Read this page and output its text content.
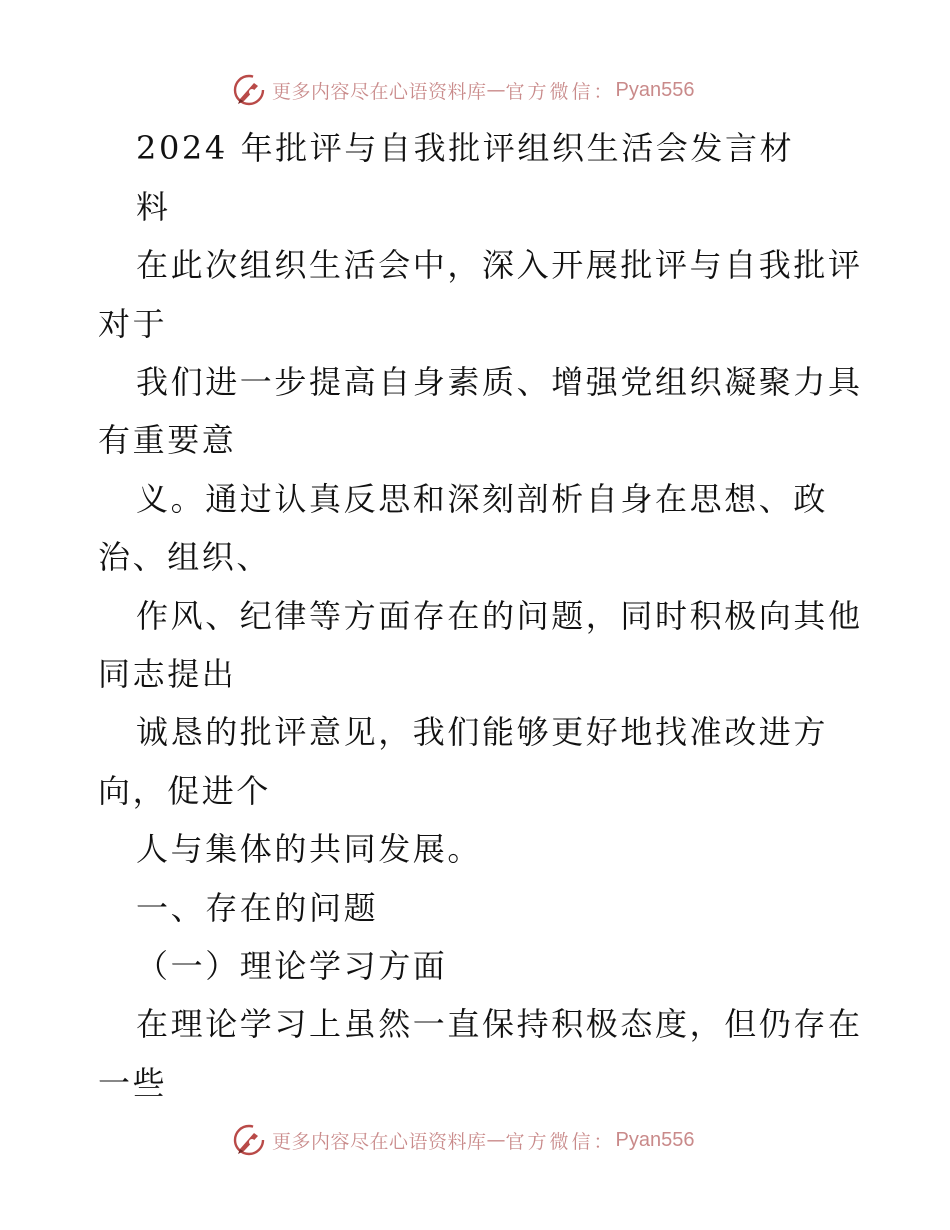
更多内容尽在心语资料库 — 官方微信： Pyan556
2024 年批评与自我批评组织生活会发言材
料
在此次组织生活会中，深入开展批评与自我批评
对于
我们进一步提高自身素质、增强党组织凝聚力具
有重要意
义。通过认真反思和深刻剖析自身在思想、政
治、组织、
作风、纪律等方面存在的问题，同时积极向其他
同志提出
诚恳的批评意见，我们能够更好地找准改进方
向，促进个
人与集体的共同发展。
一、存在的问题
（一）理论学习方面
在理论学习上虽然一直保持积极态度，但仍存在
一些
更多内容尽在心语资料库 — 官方微信： Pyan556
